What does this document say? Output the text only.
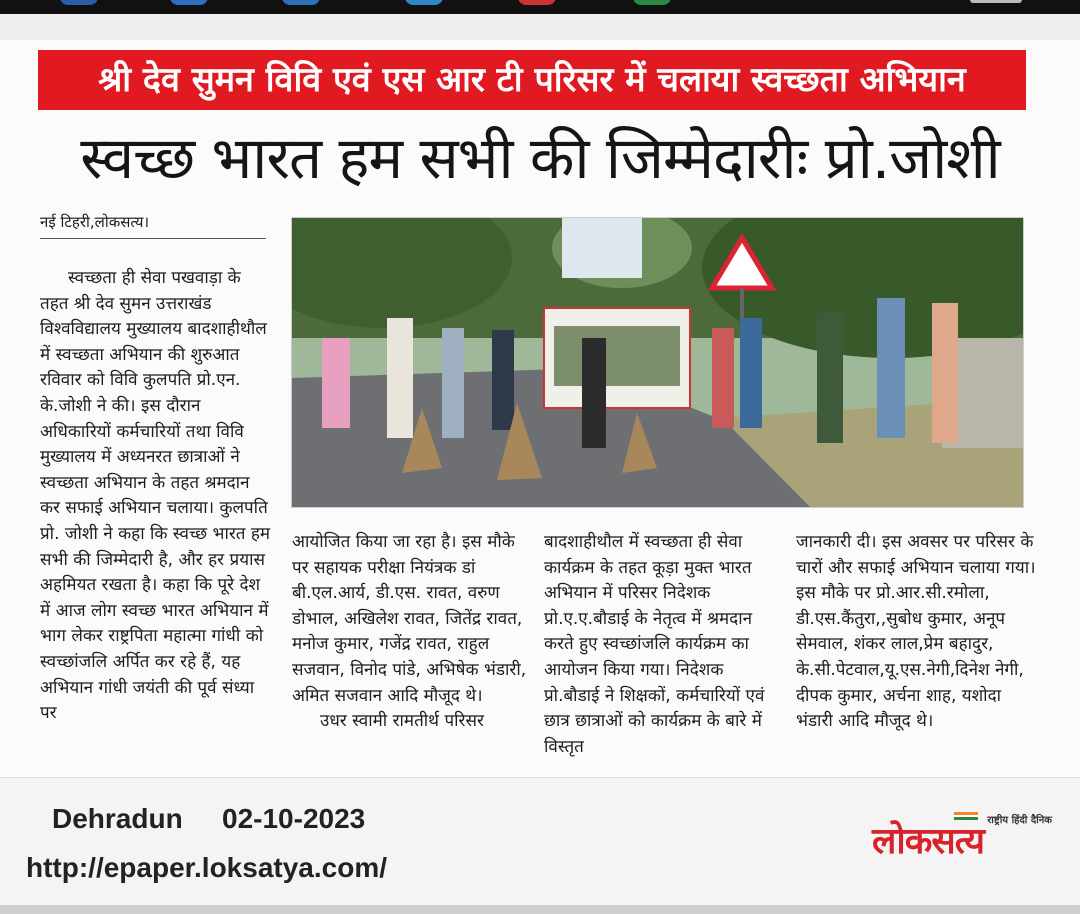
श्री देव सुमन विवि एवं एस आर टी परिसर में चलाया स्वच्छता अभियान
स्वच्छ भारत हम सभी की जिम्मेदारीः प्रो.जोशी
नई टिहरी,लोकसत्य।

स्वच्छता ही सेवा पखवाड़ा के तहत श्री देव सुमन उत्तराखंड विश्वविद्यालय मुख्यालय बादशाहीथौल में स्वच्छता अभियान की शुरुआत रविवार को विवि कुलपति प्रो.एन. के.जोशी ने की। इस दौरान अधिकारियों कर्मचारियों तथा विवि मुख्यालय में अध्यनरत छात्राओं ने स्वच्छता अभियान के तहत श्रमदान कर सफाई अभियान चलाया। कुलपति प्रो. जोशी ने कहा कि स्वच्छ भारत हम सभी की जिम्मेदारी है, और हर प्रयास अहमियत रखता है। कहा कि पूरे देश में आज लोग स्वच्छ भारत अभियान में भाग लेकर राष्ट्रपिता महात्मा गांधी को स्वच्छांजलि अर्पित कर रहे हैं, यह अभियान गांधी जयंती की पूर्व संध्या पर

आयोजित किया जा रहा है। इस मौके पर सहायक परीक्षा नियंत्रक डां बी.एल.आर्य, डी.एस. रावत, वरुण डोभाल, अखिलेश रावत, जितेंद्र रावत, मनोज कुमार, गजेंद्र रावत, राहुल सजवान, विनोद पांडे, अभिषेक भंडारी, अमित सजवान आदि मौजूद थे।

उधर स्वामी रामतीर्थ परिसर

बादशाहीथौल में स्वच्छता ही सेवा कार्यक्रम के तहत कूड़ा मुक्त भारत अभियान में परिसर निदेशक प्रो.ए.ए.बौडाई के नेतृत्व में श्रमदान करते हुए स्वच्छांजलि कार्यक्रम का आयोजन किया गया। निदेशक प्रो.बौडाई ने शिक्षकों, कर्मचारियों एवं छात्र छात्राओं को कार्यक्रम के बारे में विस्तृत

जानकारी दी। इस अवसर पर परिसर के चारों और सफाई अभियान चलाया गया। इस मौके पर प्रो.आर.सी.रमोला, डी.एस.कैंतुरा,,सुबोध कुमार, अनूप सेमवाल, शंकर लाल,प्रेम बहादुर, के.सी.पेटवाल,यू.एस.नेगी,दिनेश नेगी, दीपक कुमार, अर्चना शाह, यशोदा भंडारी आदि मौजूद थे।

Dehradun 02-10-2023
http://epaper.loksatya.com/
राष्ट्रीय हिंदी दैनिक
लोकसत्य
